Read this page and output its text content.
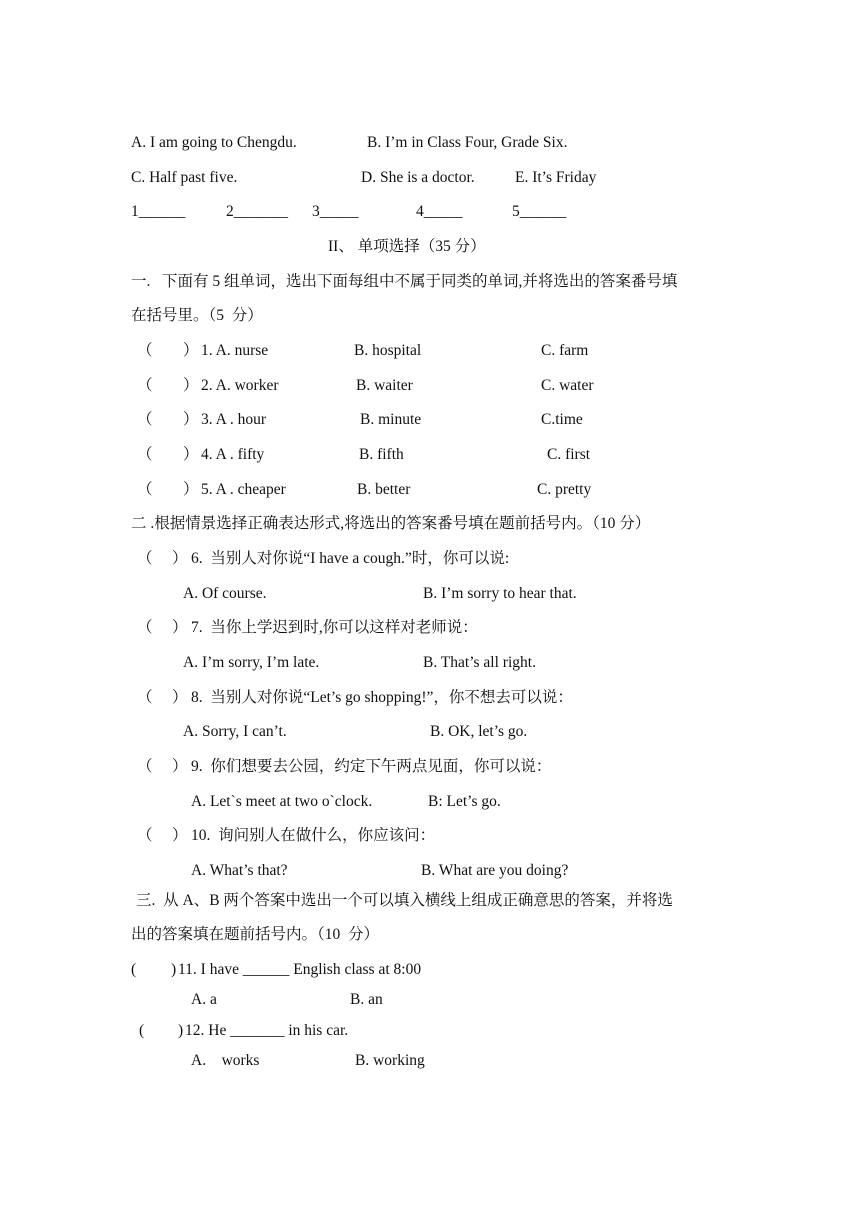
A. I am going to Chengdu.	B. I’m in Class Four, Grade Six.
C. Half past five.	D. She is a doctor.	E. It’s Friday
1______	2_______ 3_____	4_____	5______
II、 单项选择（35 分）
一.   下面有 5 组单词，选出下面每组中不属于同类的单词,并将选出的答案番号填
在括号里。（5  分）
（ ） 1. A. nurse	B. hospital	C. farm
（ ） 2. A. worker	B. waiter	C. water
（ ） 3. A . hour	B. minute	C.time
（ ） 4. A . fifty	B. fifth	C. first
（ ） 5. A . cheaper	B. better	C. pretty
二 .根据情景选择正确表达形式,将选出的答案番号填在题前括号内。（10 分）
（ ） 6.  当别人对你说“I have a cough.”时，你可以说:
A. Of course.	B. I’m sorry to hear that.
（ ） 7.  当你上学迟到时,你可以这样对老师说：
A. I’m sorry, I’m late.	B. That’s all right.
（ ） 8.  当别人对你说“Let’s go shopping!”，你不想去可以说：
A. Sorry, I can’t.	B. OK, let’s go.
（ ） 9.  你们想要去公园，约定下午两点见面，你可以说：
A. Let`s meet at two o`clock.	B: Let’s go.
（ ） 10.  询问别人在做什么，你应该问：
A. What’s that?	B. What are you doing?
三.  从 A、B 两个答案中选出一个可以填入横线上组成正确意思的答案，并将选
出的答案填在题前括号内。（10  分）
( ) 11. I have ______ English class at 8:00
A. a	B. an
( ) 12. He _______ in his car.
A.    works	B. working
